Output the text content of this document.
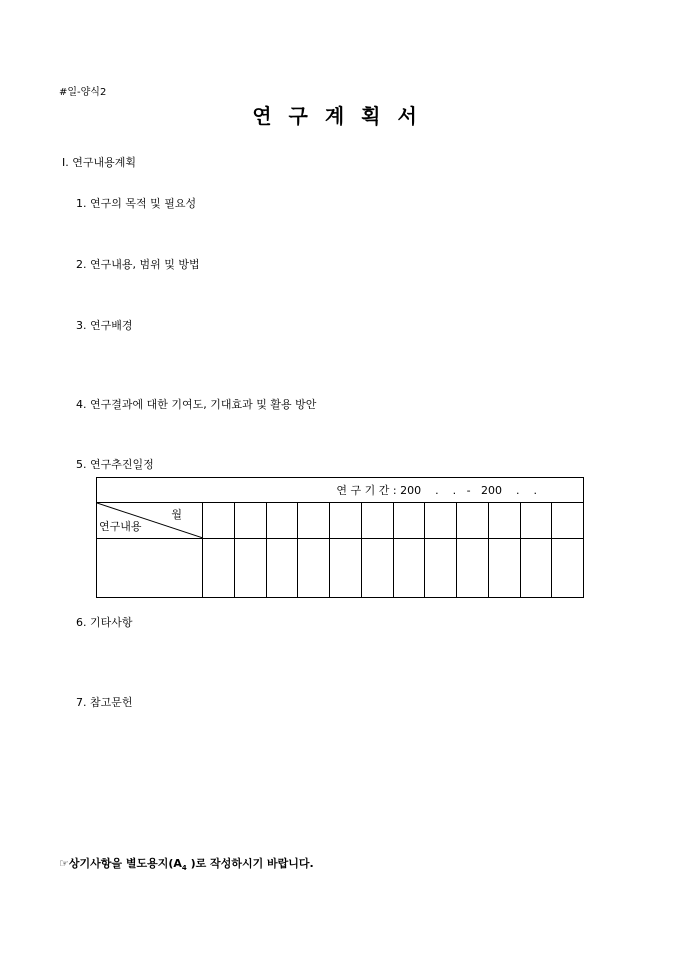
#일-양식2
연구계획서
Ⅰ. 연구내용계획
1. 연구의 목적 및 필요성
2. 연구내용, 범위 및 방법
3. 연구배경
4. 연구결과에 대한 기여도, 기대효과 및 활용 방안
5. 연구추진일정
연 구 기 간 : 200    .    .   -   200    .    .												

월
연구내용												

6. 기타사항
7. 참고문헌
☞상기사항을 별도용지($A_4$ )로 작성하시기 바랍니다.
